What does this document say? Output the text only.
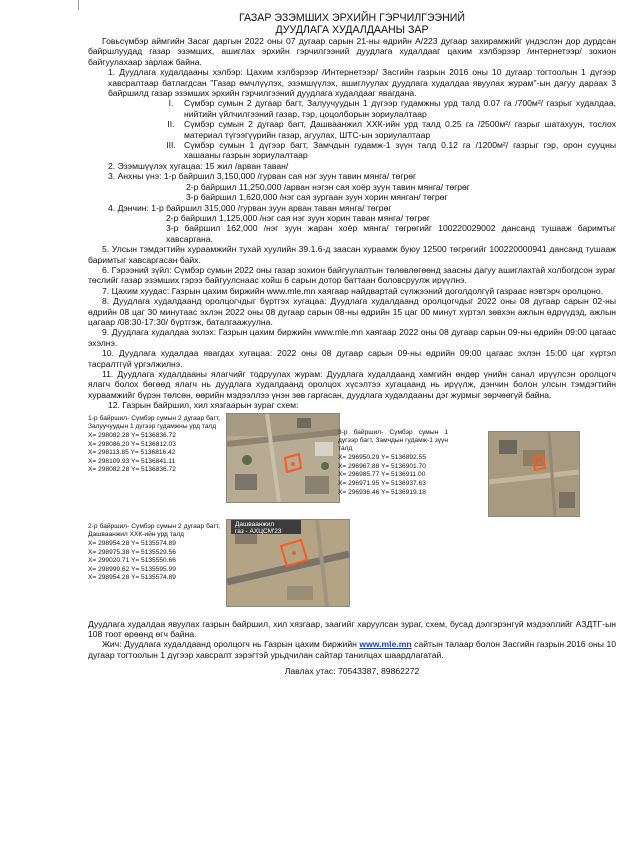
ГАЗАР ЭЗЭМШИХ ЭРХИЙН ГЭРЧИЛГЭЭНИЙ
ДУУДЛАГА ХУДАЛДААНЫ ЗАР

Говьсүмбэр аймгийн Засаг даргын 2022 оны 07 дугаар сарын 21-ны өдрийн А/223 дугаар захирамжийг үндэслэн дор дурдсан байршлуудад газар эзэмших, ашиглах эрхийн гэрчилгээний дуудлага худалдааг цахим хэлбэрээр /интернетээр/ зохион байгуулахаар зарлаж байна.

1. Дуудлага худалдааны хэлбэр: Цахим хэлбэрээр /Интернетээр/ Засгийн газрын 2016 оны 10 дугаар тогтоолын 1 дүгээр хавсралтаар батлагдсан "Газар өмчлүүлэх, эзэмшүүлэх, ашиглуулах дуудлага худалдаа явуулах журам"-ын дагуу дараах 3 байршилд газар эзэмших эрхийн гэрчилгээний дуудлага худалдааг явагдана.
I.	Сүмбэр сумын 2 дугаар багт, Залуучуудын 1 дүгээр гудамжны урд талд 0.07 га /700м²/ газрыг худалдаа, нийтийн үйлчилгээний газар, тэр, цоцолборын зориулалтаар
II.	Сүмбэр сумын 2 дугаар багт, Дашваанжил ХХК-ийн урд талд 0.25 га /2500м²/ газрыг шатахуун, тослох материал түгээгүүрийн газар, агуулах, ШТС-ын зориулалтаар
III. Сүмбэр сумын 1 дүгээр багт, Замчдын гудамж-1 зүүн талд 0.12 га /1200м²/ газрыг гэр, орон сууцны хашааны газрын зориулалтаар
2. Эзэмшүүлэх хугацаа: 15 жил /арван таван/
3. Анхны үнэ: 1-р байршил 3,150,000 /гурван сая нэг зуун тавин мянга/ төгрөг
2-р байршил 11,250,000 /арван нэгэн сая хоёр зуун тавин мянга/ төгрөг
3-р байршил 1,620,000 /нэг сая зургаан зуун хорин мянган/ төгрөг
4. Дэнчин: 1-р байршил 315,000 /гурван зуун арван таван мянга/ төгрөг
2-р байршил 1,125,000 /нэг сая нэг зуун хорин таван мянга/ төгрөг
3-р байршил 162,000 /нэг зуун жаран хоёр мянга/ төгрөгийг 100220029002 дансанд тушааж баримтыг хавсаргана.
5. Улсын тэмдэгтийн хураамжийн тухай хуулийн 39.1.6-д заасан хураамж буюу 12500 төгрөгийг 100220000941 дансанд тушааж баримтыг хавсаргасан байх.
6. Гэрээний зүйл: Сүмбэр сумын 2022 оны газар зохион байгуулалтын төлөвлөгөөнд заасны дагуу ашиглахтай холбогдсон зураг төслийг газар эзэмших гэрээ байгуулснаас хойш 6 сарын дотор баттаан боловсруулж ирүүлнэ.
7. Цахим хуудас: Газрын цахим биржийн www.mle.mn хаягаар найдвартай сүлжээний доголдолгүй газраас нэвтэрч оролцоно.
8. Дуудлага худалдаанд оролцогчдыг бүртгэх хугацаа: Дуудлага худалдаанд оролцогчдыг 2022 оны 08 дугаар сарын 02-ны өдрийн 08 цаг 30 минутаас эхлэн 2022 оны 08 дугаар сарын 08-ны өдрийн 15 цаг 00 минут хүртэл зөвхэн ажлын өдрүүдэд, ажлын цагаар /08:30-17:30/ бүртгэж, баталгаажуулна.
9. Дуудлага худалдаа эхлэх: Газрын цахим биржийн www.mle.mn хаягаар 2022 оны 08 дугаар сарын 09-ны өдрийн 09:00 цагаас эхэлнэ.
10. Дуудлага худалдаа явагдах хугацаа: 2022 оны 08 дугаар сарын 09-ны өдрийн 09:00 цагаас эхлэн 15:00 цаг хүртэл тасралтгүй үргэлжилнэ.
11. Дуудлага худалдааны ялагчийг тодруулах журам: Дуудлага худалдаанд хамгийн өндөр үнийн санал ирүүлсэн оролцогч ялагч болох бөгөөд ялагч нь дуудлага худалдаанд оролцох хүсэлтээ хугацаанд нь ирүүлж, дэнчин болон улсын тэмдэгтийн хураамжийг бүрэн төлсөн, өөрийн мэдээллээ үнэн зөв гаргасан, дуудлага худалдааны дэг журмыг зөрчөөгүй байна.
12. Газрын байршил, хил хязгаарын зураг схем:
1-р байршил- Сүмбэр сумын 2 дугаар багт, Залуучуудын 1 дүгээр гудамжны урд талд
X= 298082.28 Y= 5136836.72
X= 298086.20 Y= 5136812.03
X= 298113.85 Y= 5136816.42
X= 298109.93 Y= 5136841.11
X= 298082.28 Y= 5136836.72
3-р байршил- Сүмбэр сумын 1 дүгээр багт, Замчдын гудамж-1 зүүн талд
X= 296950.29 Y= 5136892.55
X= 296967.88 Y= 5136901.70
X= 296985.77 Y= 5136911.00
X= 296971.95 Y= 5136937.63
X= 296936.46 Y= 5136919.18
2-р байршил- Сүмбэр сумын 2 дугаар багт, Дашваанжил ХХК-ийн урд талд
X= 298954.28 Y= 5135574.89
X= 298975.38 Y= 5135529.56
X= 299020.71 Y= 5135550.66
X= 298999.62 Y= 5135595.99
X= 298954.28 Y= 5135574.89
Дашваанжил газ - АХЦСМ'23

Дуудлага худалдаа явуулах газрын байршил, хил хязгаар, заагийг харуулсан зураг, схем, бусад дэлгэрэнгүй мэдээллийг АЗДТГ-ын 108 тоот өрөөнд өгч байна.

Жич: Дуудлага худалдаанд оролцогч нь Газрын цахим биржийн www.mle.mn сайтын талаар болон Засгийн газрын 2016 оны 10 дугаар тогтоолын 1 дүгээр хавсралт зэрэгтэй урьдчилан сайтар танилцах шаардлагатай.

Лавлах утас: 70543387, 89862272
